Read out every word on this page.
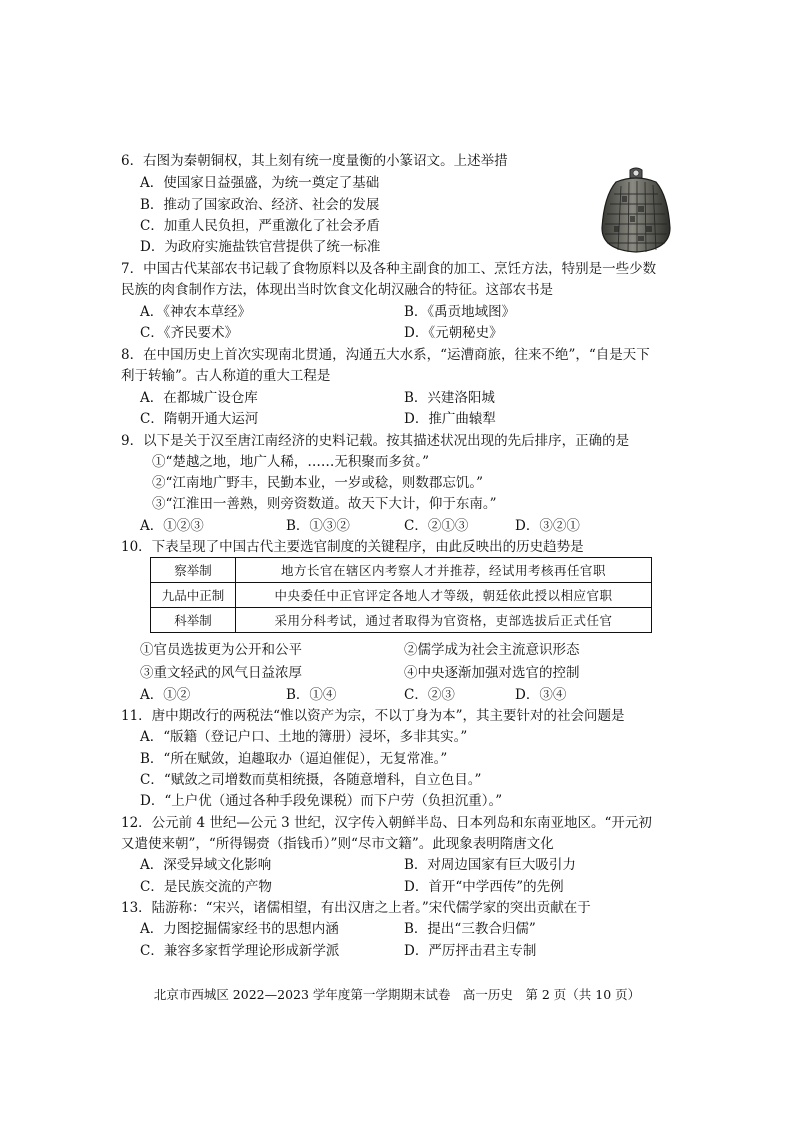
6．右图为秦朝铜权，其上刻有统一度量衡的小篆诏文。上述举措
A．使国家日益强盛，为统一奠定了基础
B．推动了国家政治、经济、社会的发展
C．加重人民负担，严重激化了社会矛盾
D．为政府实施盐铁官营提供了统一标准
7．中国古代某部农书记载了食物原料以及各种主副食的加工、烹饪方法，特别是一些少数
民族的肉食制作方法，体现出当时饮食文化胡汉融合的特征。这部农书是
A．《神农本草经》	B．《禹贡地域图》
C．《齐民要术》	D．《元朝秘史》
8．在中国历史上首次实现南北贯通，沟通五大水系，“运漕商旅，往来不绝”，“自是天下
利于转输”。古人称道的重大工程是
A．在都城广设仓库	B．兴建洛阳城
C．隋朝开通大运河	D．推广曲辕犁
9．以下是关于汉至唐江南经济的史料记载。按其描述状况出现的先后排序，正确的是
①“楚越之地，地广人稀，……无积聚而多贫。”
②“江南地广野丰，民勤本业，一岁或稔，则数郡忘饥。”
③“江淮田一善熟，则旁资数道。故天下大计，仰于东南。”
A．①②③	B．①③②	C．②①③	D．③②①
10．下表呈现了中国古代主要选官制度的关键程序，由此反映出的历史趋势是
察举制	地方长官在辖区内考察人才并推荐，经试用考核再任官职
九品中正制	中央委任中正官评定各地人才等级，朝廷依此授以相应官职
科举制	采用分科考试，通过者取得为官资格，吏部选拔后正式任官
①官员选拔更为公开和公平	②儒学成为社会主流意识形态
③重文轻武的风气日益浓厚	④中央逐渐加强对选官的控制
A．①②	B．①④	C．②③	D．③④
11．唐中期改行的两税法“惟以资产为宗，不以丁身为本”，其主要针对的社会问题是
A．“版籍（登记户口、土地的簿册）浸坏，多非其实。”
B．“所在赋敛，迫趣取办（逼迫催促），无复常准。”
C．“赋敛之司增数而莫相统摄，各随意增科，自立色目。”
D．“上户优（通过各种手段免课税）而下户劳（负担沉重）。”
12．公元前 4 世纪—公元 3 世纪，汉字传入朝鲜半岛、日本列岛和东南亚地区。“开元初
又遣使来朝”，“所得锡赍（指钱币）”则“尽市文籍”。此现象表明隋唐文化
A．深受异域文化影响	B．对周边国家有巨大吸引力
C．是民族交流的产物	D．首开“中学西传”的先例
13．陆游称：“宋兴，诸儒相望，有出汉唐之上者。”宋代儒学家的突出贡献在于
A．力图挖掘儒家经书的思想内涵	B．提出“三教合归儒”
C．兼容多家哲学理论形成新学派	D．严厉抨击君主专制
北京市西城区 2022—2023 学年度第一学期期末试卷　高一历史　第 2 页（共 10 页）
